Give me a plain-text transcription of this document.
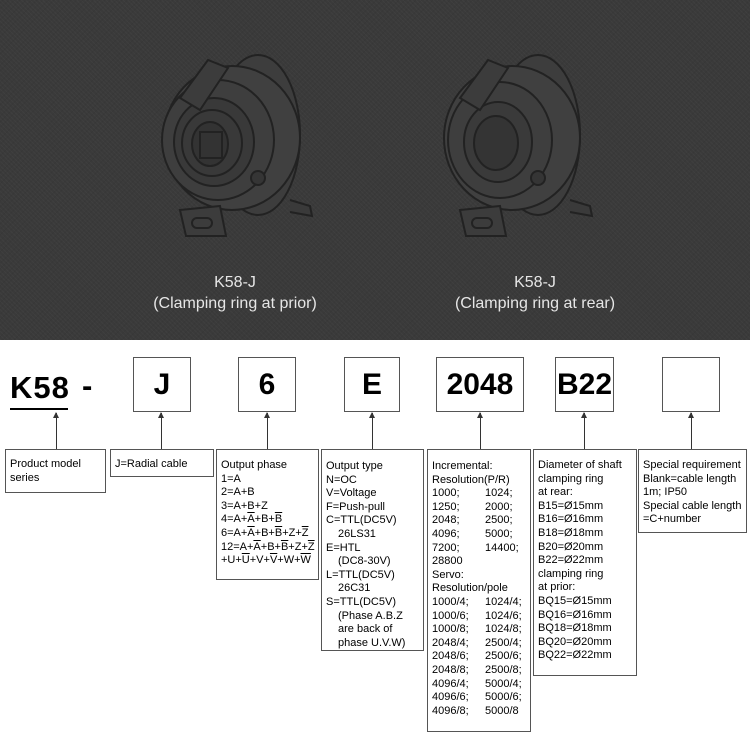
K58-J
(Clamping ring at prior)
K58-J
(Clamping ring at rear)
K58 -	J	6	E	2048	B22
Product model
series
J=Radial cable	Output phase
1=A
2=A+B
3=A+B+Z
$4=A+\overline{A}+B+\overline{B}$
$6=A+\overline{A}+B+\overline{B}+Z+\overline{Z}$
$12=A+\overline{A}+B+\overline{B}+Z+\overline{Z}$
$+U+\overline{U}+V+\overline{V}+W+\overline{W}$
Output type
N=OC
V=Voltage
F=Push-pull
C=TTL(DC5V)
26LS31
E=HTL
(DC8-30V)
L=TTL(DC5V)
26C31
S=TTL(DC5V)
(Phase A.B.Z
are back of
phase U.V.W)
Incremental:
Resolution(P/R)
1000;	1024;
1250;	2000;
2048;	2500;
4096;	5000;
7200;	14400;
28800
Servo:
Resolution/pole
1000/4;	1024/4;
1000/6;	1024/6;
1000/8;	1024/8;
2048/4;	2500/4;
2048/6;	2500/6;
2048/8;	2500/8;
4096/4;	5000/4;
4096/6;	5000/6;
4096/8;	5000/8
Diameter of shaft
clamping ring
at rear:
B15=Ø15mm
B16=Ø16mm
B18=Ø18mm
B20=Ø20mm
B22=Ø22mm
clamping ring
at prior:
BQ15=Ø15mm
BQ16=Ø16mm
BQ18=Ø18mm
BQ20=Ø20mm
BQ22=Ø22mm
Special requirement
Blank=cable length
1m; IP50
Special cable length
=C+number
